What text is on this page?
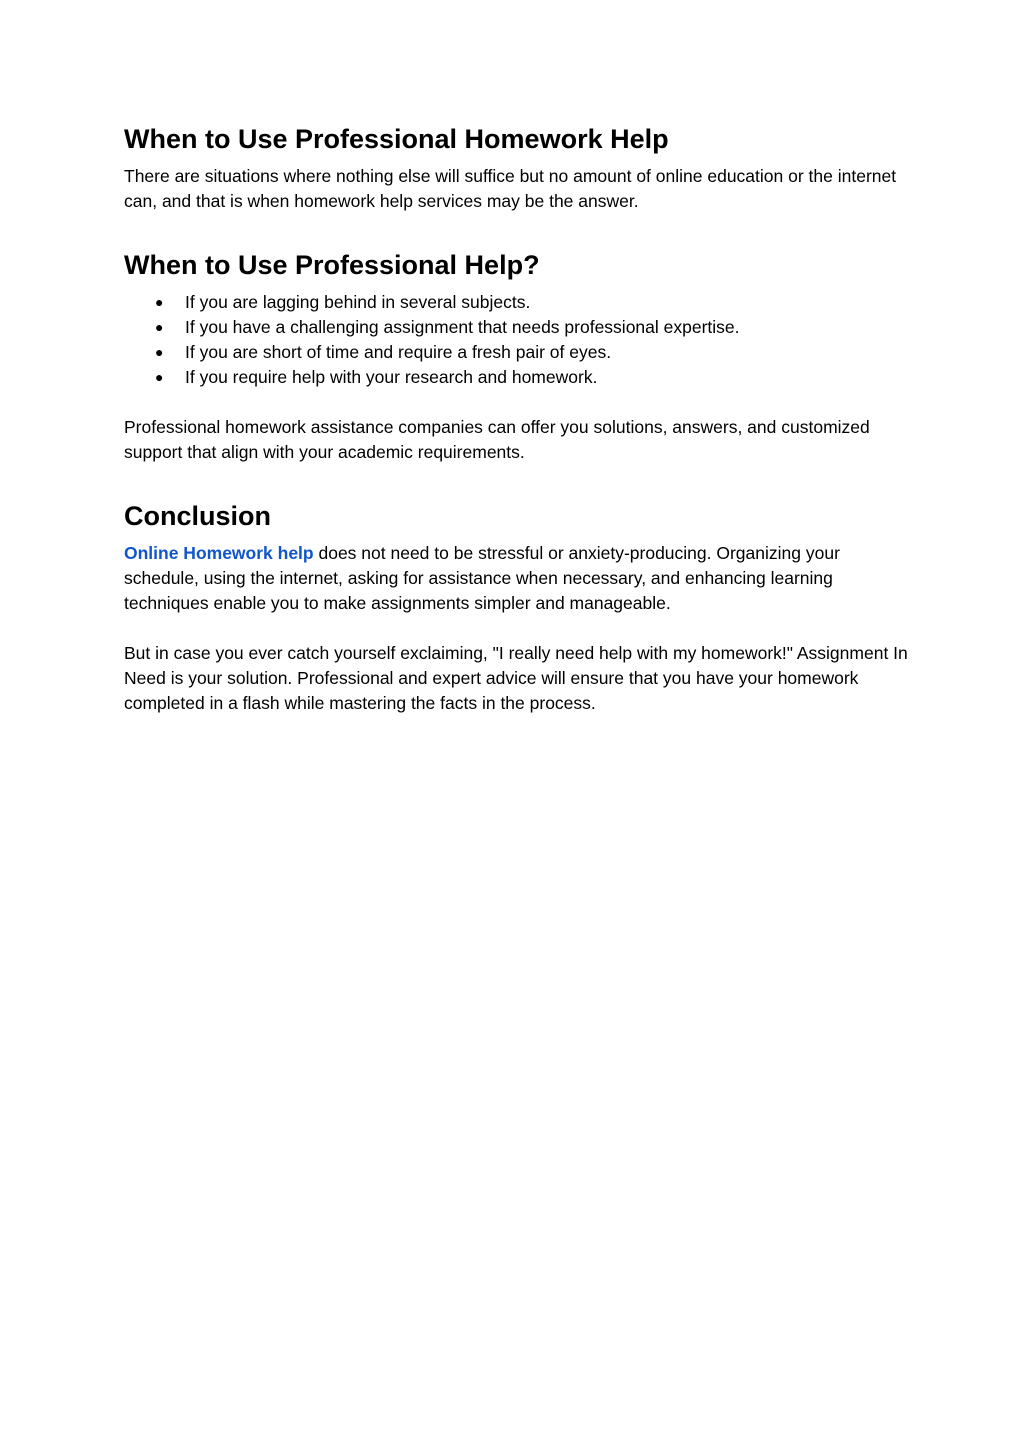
When to Use Professional Homework Help

There are situations where nothing else will suffice but no amount of online education or the internet can, and that is when homework help services may be the answer.

When to Use Professional Help?
● If you are lagging behind in several subjects.
● If you have a challenging assignment that needs professional expertise.
● If you are short of time and require a fresh pair of eyes.
● If you require help with your research and homework.

Professional homework assistance companies can offer you solutions, answers, and customized support that align with your academic requirements.

Conclusion

Online Homework help does not need to be stressful or anxiety-producing. Organizing your schedule, using the internet, asking for assistance when necessary, and enhancing learning techniques enable you to make assignments simpler and manageable.

But in case you ever catch yourself exclaiming, "I really need help with my homework!" Assignment In Need is your solution. Professional and expert advice will ensure that you have your homework completed in a flash while mastering the facts in the process.
